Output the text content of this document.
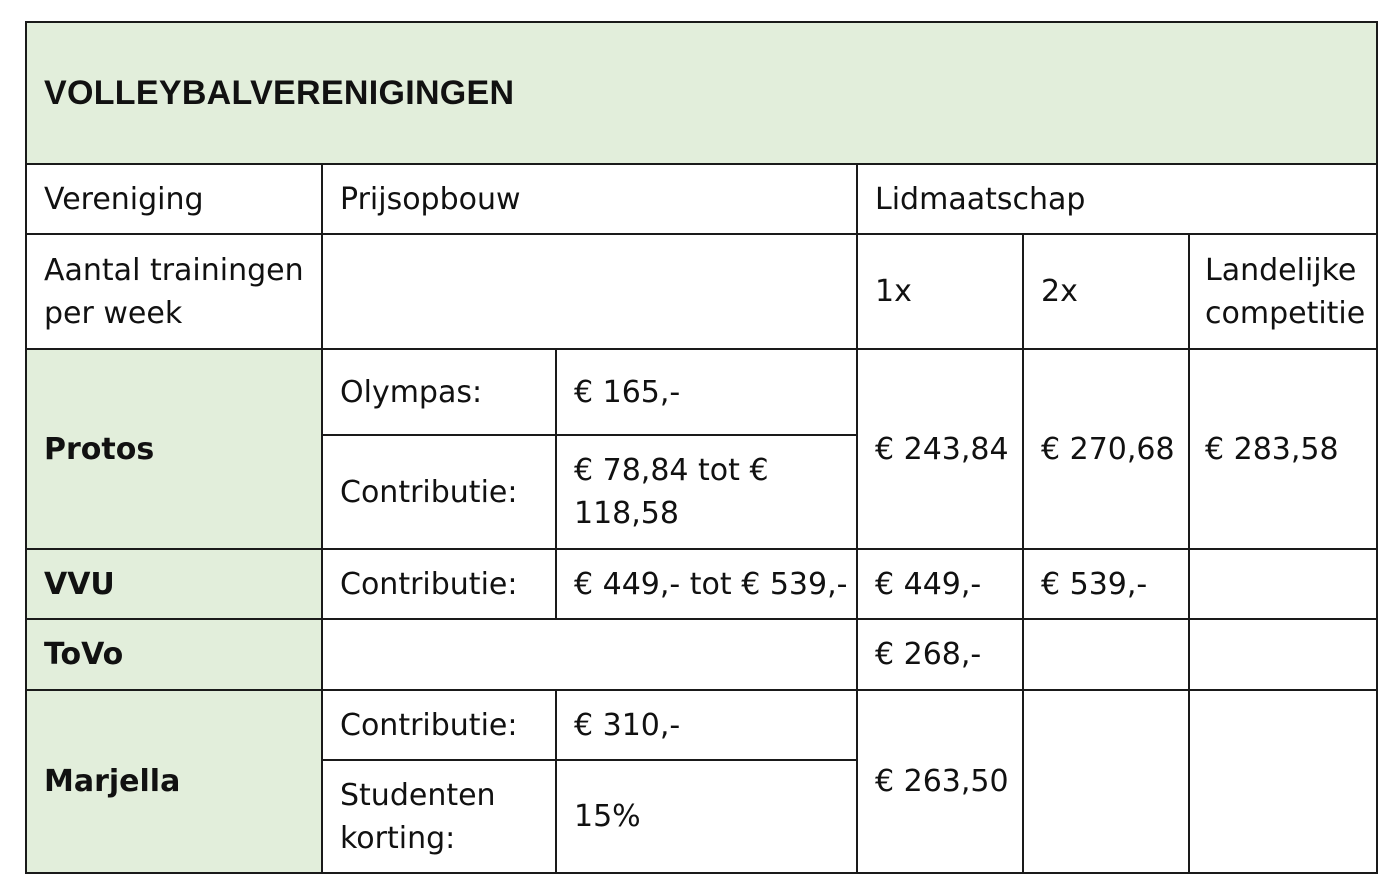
VOLLEYBALVERENIGINGEN					
Vereniging	Prijsopbouw		Lidmaatschap		
Aantal trainingen per week			1x	2x	Landelijke competitie
Protos	Olympas:	€ 165,-	€ 243,84	€ 270,68	€ 283,58
	Contributie:	€ 78,84 tot € 118,58			
VVU	Contributie:	€ 449,- tot € 539,-	€ 449,-	€ 539,-	
ToVo			€ 268,-		
Marjella	Contributie:	€ 310,-	€ 263,50		
	Studenten korting:	15%			
